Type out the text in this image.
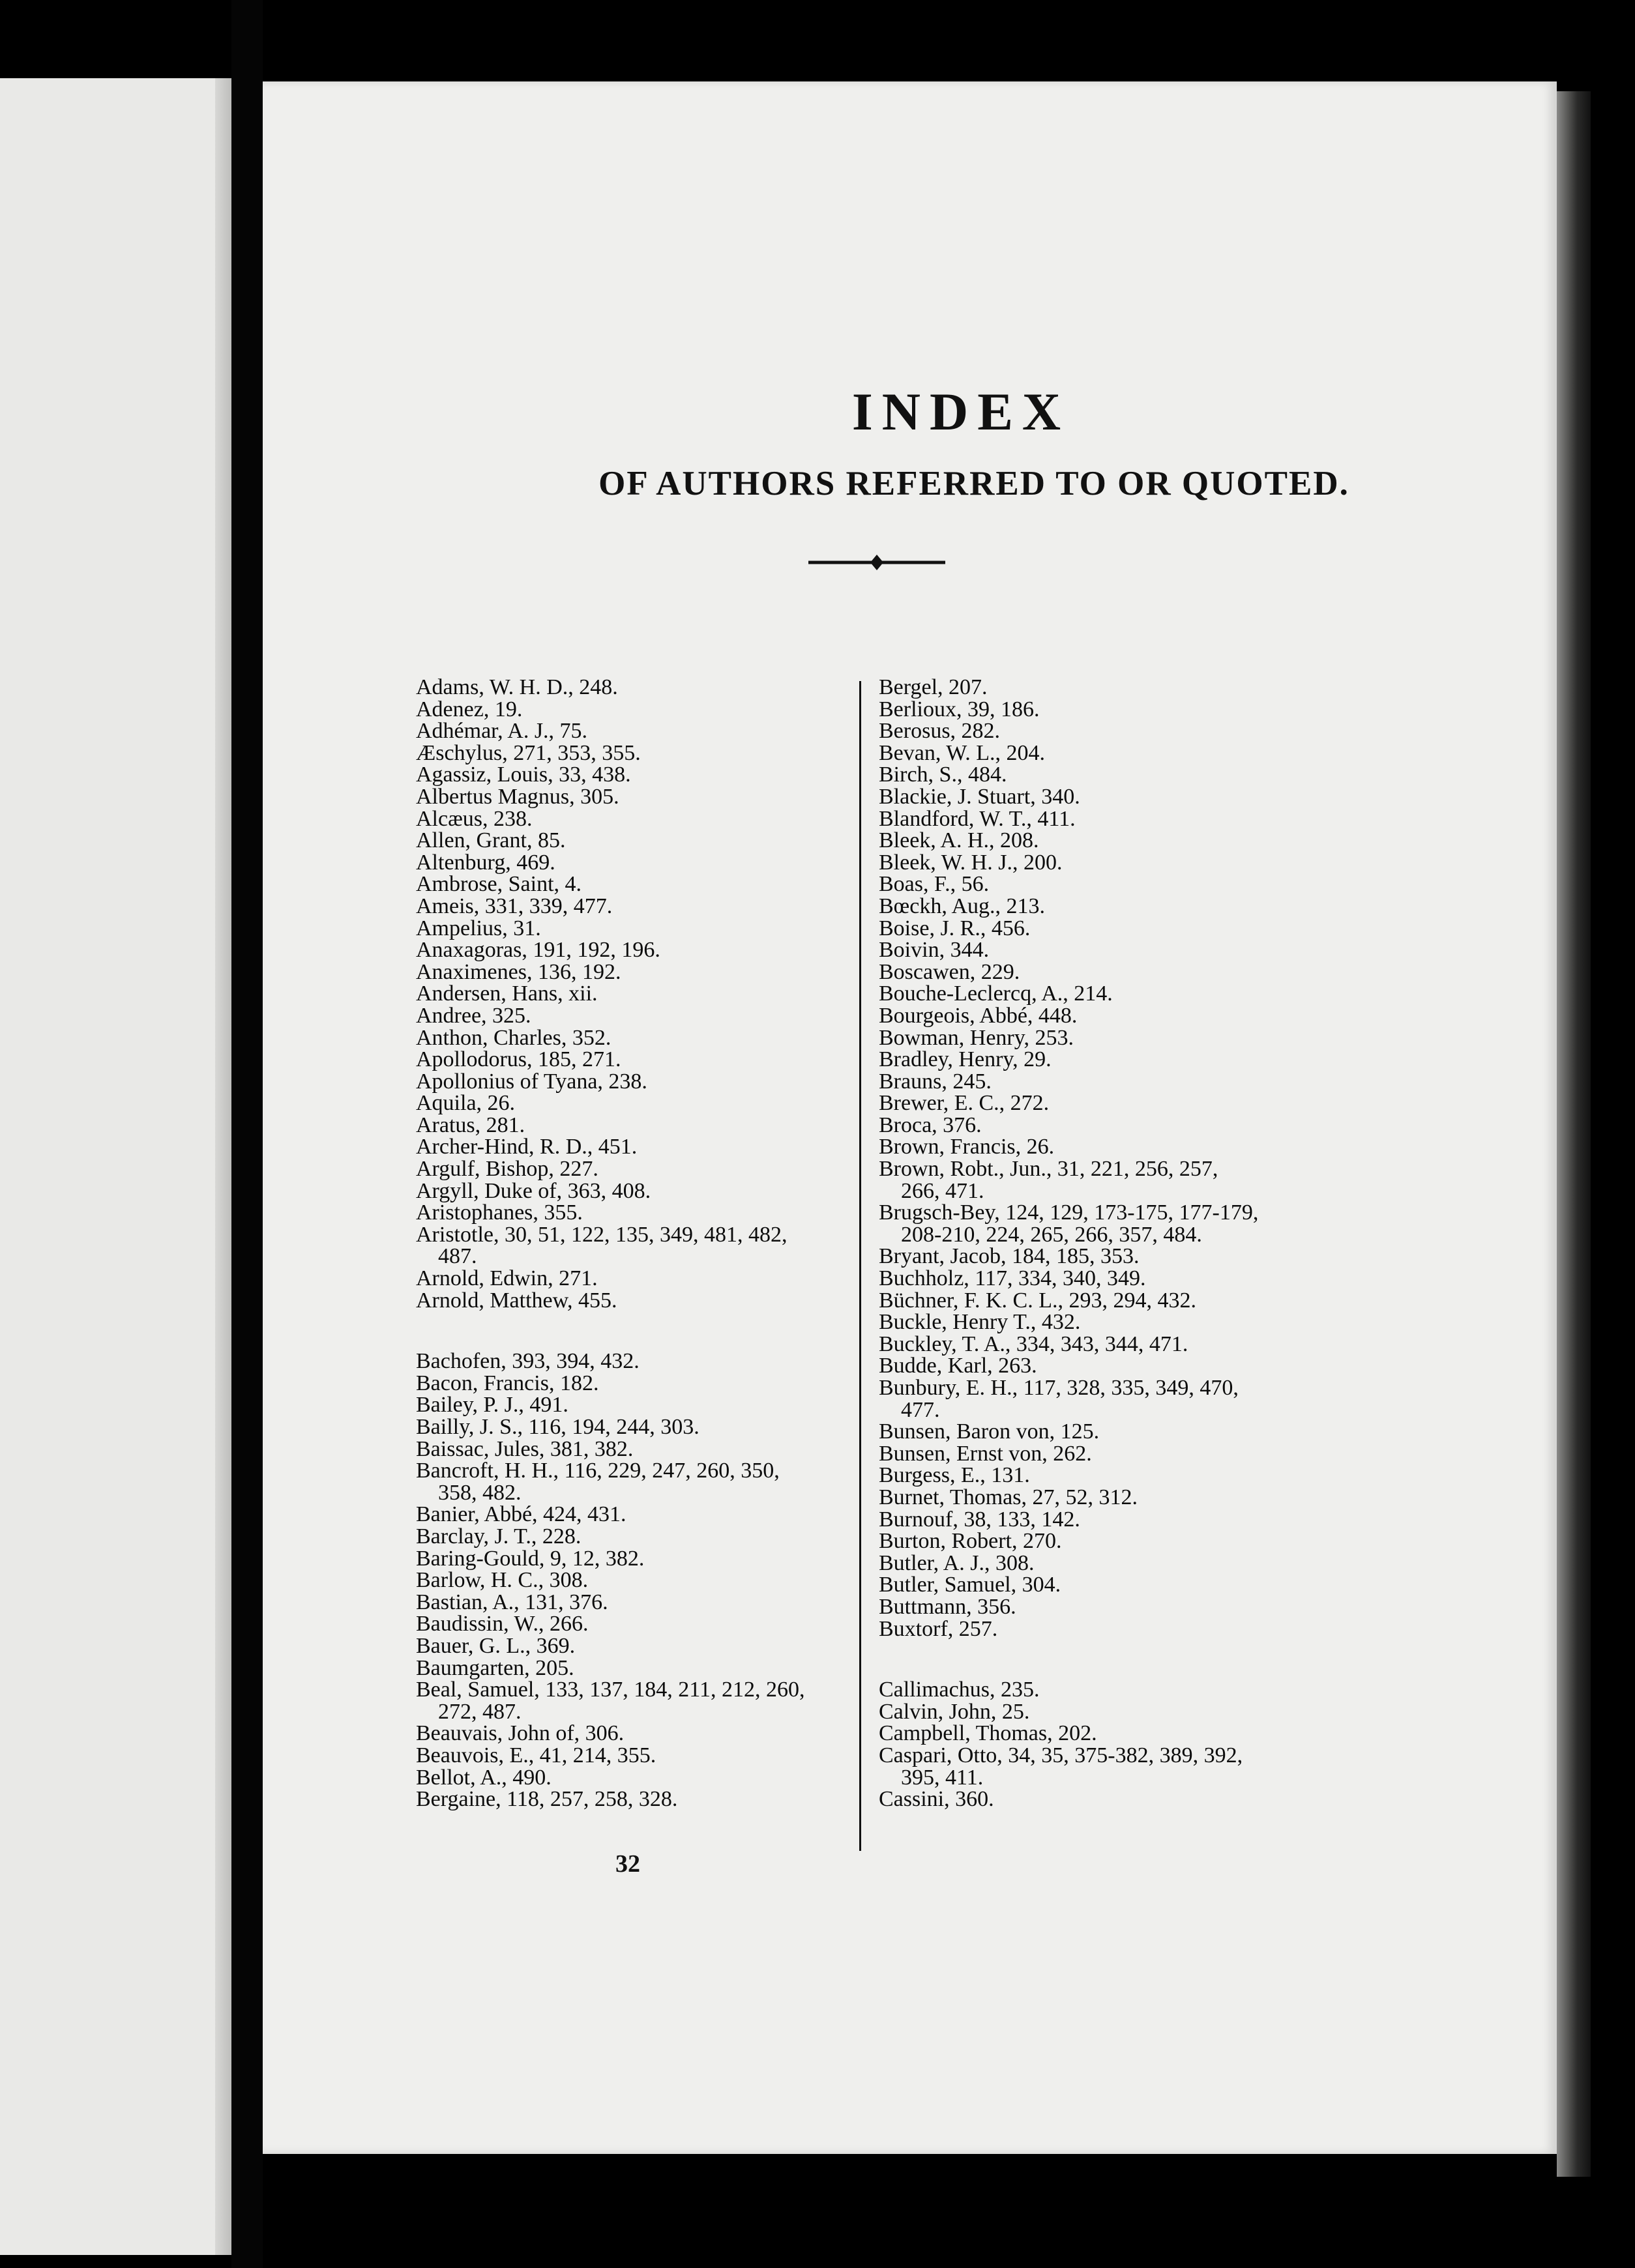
INDEX
OF AUTHORS REFERRED TO OR QUOTED.
Adams, W. H. D., 248.
Adenez, 19.
Adhémar, A. J., 75.
Æschylus, 271, 353, 355.
Agassiz, Louis, 33, 438.
Albertus Magnus, 305.
Alcæus, 238.
Allen, Grant, 85.
Altenburg, 469.
Ambrose, Saint, 4.
Ameis, 331, 339, 477.
Ampelius, 31.
Anaxagoras, 191, 192, 196.
Anaximenes, 136, 192.
Andersen, Hans, xii.
Andree, 325.
Anthon, Charles, 352.
Apollodorus, 185, 271.
Apollonius of Tyana, 238.
Aquila, 26.
Aratus, 281.
Archer-Hind, R. D., 451.
Argulf, Bishop, 227.
Argyll, Duke of, 363, 408.
Aristophanes, 355.
Aristotle, 30, 51, 122, 135, 349, 481, 482,
487.
Arnold, Edwin, 271.
Arnold, Matthew, 455.
Bachofen, 393, 394, 432.
Bacon, Francis, 182.
Bailey, P. J., 491.
Bailly, J. S., 116, 194, 244, 303.
Baissac, Jules, 381, 382.
Bancroft, H. H., 116, 229, 247, 260, 350,
358, 482.
Banier, Abbé, 424, 431.
Barclay, J. T., 228.
Baring-Gould, 9, 12, 382.
Barlow, H. C., 308.
Bastian, A., 131, 376.
Baudissin, W., 266.
Bauer, G. L., 369.
Baumgarten, 205.
Beal, Samuel, 133, 137, 184, 211, 212, 260,
272, 487.
Beauvais, John of, 306.
Beauvois, E., 41, 214, 355.
Bellot, A., 490.
Bergaine, 118, 257, 258, 328.
Bergel, 207.
Berlioux, 39, 186.
Berosus, 282.
Bevan, W. L., 204.
Birch, S., 484.
Blackie, J. Stuart, 340.
Blandford, W. T., 411.
Bleek, A. H., 208.
Bleek, W. H. J., 200.
Boas, F., 56.
Bœckh, Aug., 213.
Boise, J. R., 456.
Boivin, 344.
Boscawen, 229.
Bouche-Leclercq, A., 214.
Bourgeois, Abbé, 448.
Bowman, Henry, 253.
Bradley, Henry, 29.
Brauns, 245.
Brewer, E. C., 272.
Broca, 376.
Brown, Francis, 26.
Brown, Robt., Jun., 31, 221, 256, 257,
266, 471.
Brugsch-Bey, 124, 129, 173-175, 177-179,
208-210, 224, 265, 266, 357, 484.
Bryant, Jacob, 184, 185, 353.
Buchholz, 117, 334, 340, 349.
Büchner, F. K. C. L., 293, 294, 432.
Buckle, Henry T., 432.
Buckley, T. A., 334, 343, 344, 471.
Budde, Karl, 263.
Bunbury, E. H., 117, 328, 335, 349, 470,
477.
Bunsen, Baron von, 125.
Bunsen, Ernst von, 262.
Burgess, E., 131.
Burnet, Thomas, 27, 52, 312.
Burnouf, 38, 133, 142.
Burton, Robert, 270.
Butler, A. J., 308.
Butler, Samuel, 304.
Buttmann, 356.
Buxtorf, 257.
Callimachus, 235.
Calvin, John, 25.
Campbell, Thomas, 202.
Caspari, Otto, 34, 35, 375-382, 389, 392,
395, 411.
Cassini, 360.
32
